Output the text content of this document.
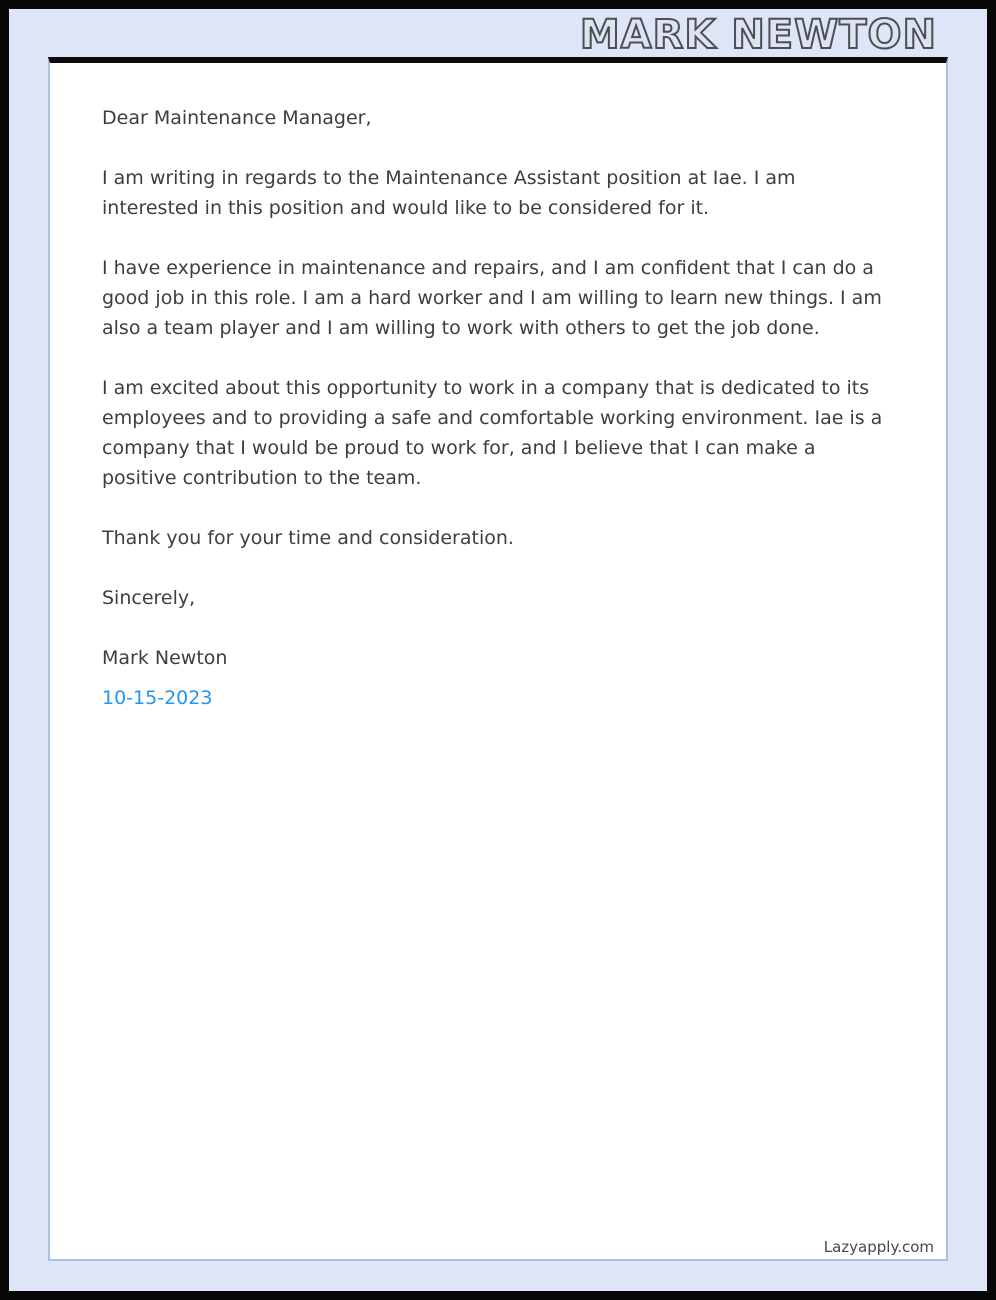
MARK NEWTON

Dear Maintenance Manager,

I am writing in regards to the Maintenance Assistant position at Iae. I am interested in this position and would like to be considered for it.

I have experience in maintenance and repairs, and I am confident that I can do a good job in this role. I am a hard worker and I am willing to learn new things. I am also a team player and I am willing to work with others to get the job done.

I am excited about this opportunity to work in a company that is dedicated to its employees and to providing a safe and comfortable working environment. Iae is a company that I would be proud to work for, and I believe that I can make a positive contribution to the team.

Thank you for your time and consideration.

Sincerely,

Mark Newton

10-15-2023

Lazyapply.com
